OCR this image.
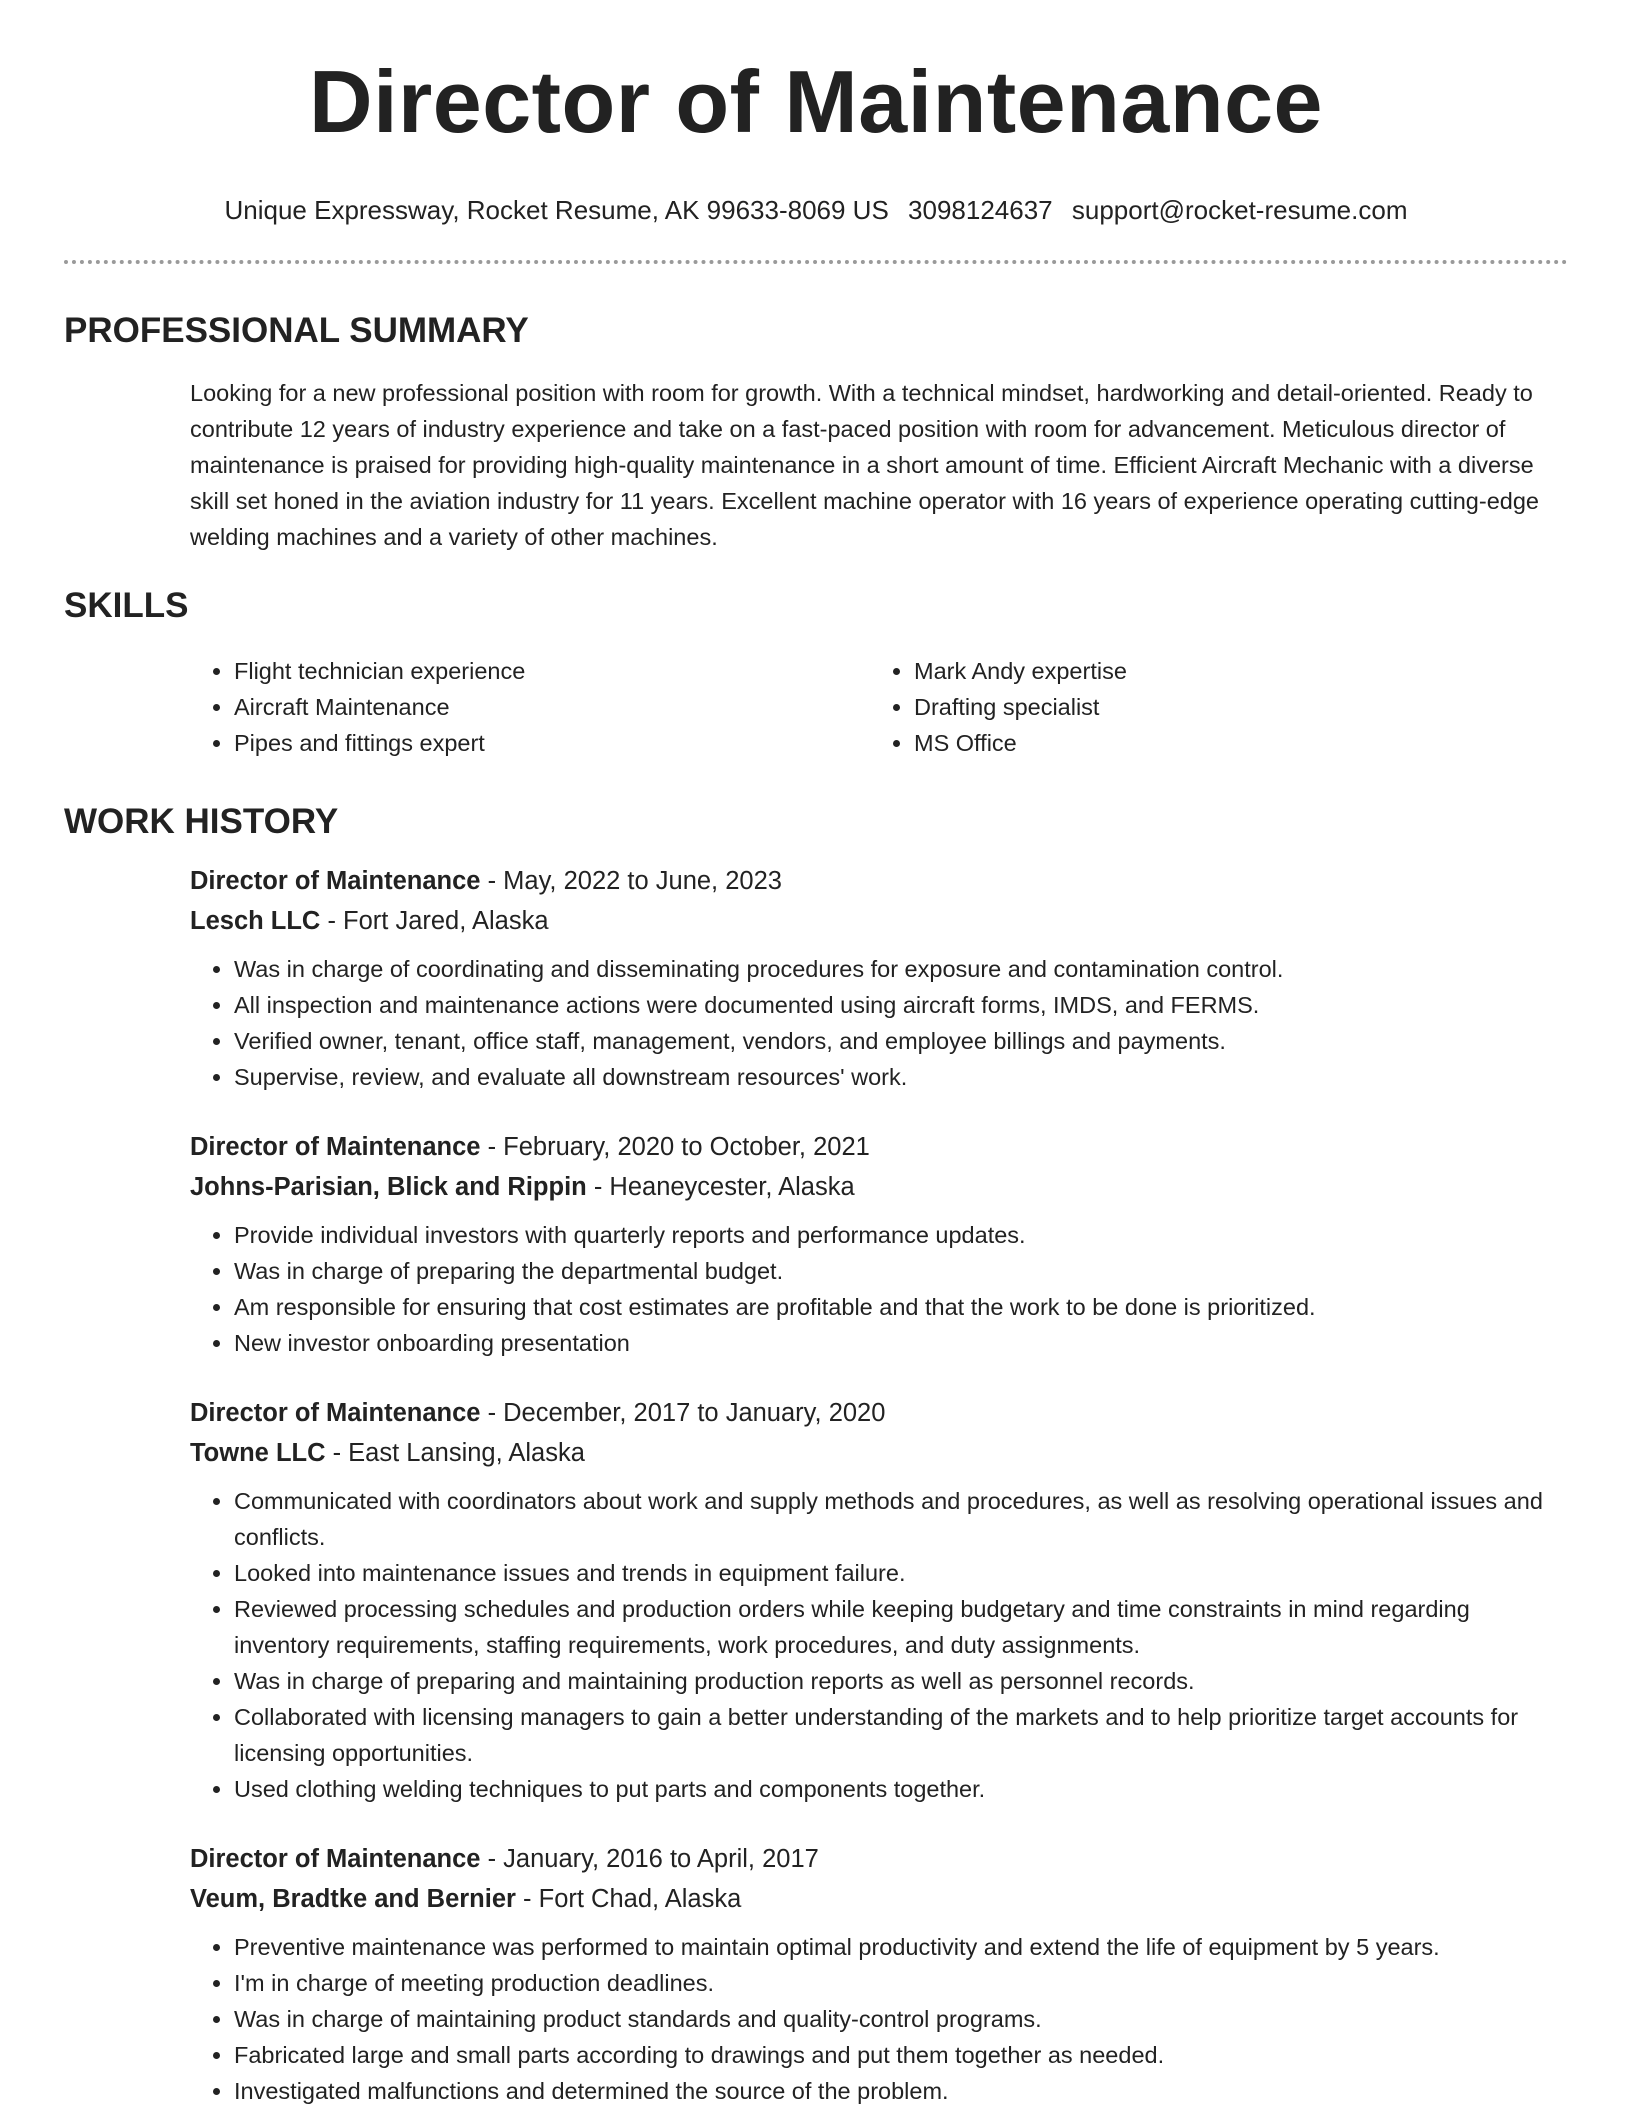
Director of Maintenance
Unique Expressway, Rocket Resume, AK 99633-8069 US 3098124637 support@rocket-resume.com
PROFESSIONAL SUMMARY

Looking for a new professional position with room for growth. With a technical mindset, hardworking and detail-oriented. Ready to contribute 12 years of industry experience and take on a fast-paced position with room for advancement. Meticulous director of maintenance is praised for providing high-quality maintenance in a short amount of time. Efficient Aircraft Mechanic with a diverse skill set honed in the aviation industry for 11 years. Excellent machine operator with 16 years of experience operating cutting-edge welding machines and a variety of other machines.

SKILLS
• Flight technician experience
• Aircraft Maintenance
• Pipes and fittings expert
• Mark Andy expertise
• Drafting specialist
• MS Office
WORK HISTORY
Director of Maintenance - May, 2022 to June, 2023
Lesch LLC - Fort Jared, Alaska
• Was in charge of coordinating and disseminating procedures for exposure and contamination control.
• All inspection and maintenance actions were documented using aircraft forms, IMDS, and FERMS.
• Verified owner, tenant, office staff, management, vendors, and employee billings and payments.
• Supervise, review, and evaluate all downstream resources' work.
Director of Maintenance - February, 2020 to October, 2021
Johns-Parisian, Blick and Rippin - Heaneycester, Alaska
• Provide individual investors with quarterly reports and performance updates.
• Was in charge of preparing the departmental budget.
• Am responsible for ensuring that cost estimates are profitable and that the work to be done is prioritized.
• New investor onboarding presentation
Director of Maintenance - December, 2017 to January, 2020
Towne LLC - East Lansing, Alaska
• Communicated with coordinators about work and supply methods and procedures, as well as resolving operational issues and conflicts.
• Looked into maintenance issues and trends in equipment failure.
• Reviewed processing schedules and production orders while keeping budgetary and time constraints in mind regarding inventory requirements, staffing requirements, work procedures, and duty assignments.
• Was in charge of preparing and maintaining production reports as well as personnel records.
• Collaborated with licensing managers to gain a better understanding of the markets and to help prioritize target accounts for licensing opportunities.
• Used clothing welding techniques to put parts and components together.
Director of Maintenance - January, 2016 to April, 2017
Veum, Bradtke and Bernier - Fort Chad, Alaska
• Preventive maintenance was performed to maintain optimal productivity and extend the life of equipment by 5 years.
• I'm in charge of meeting production deadlines.
• Was in charge of maintaining product standards and quality-control programs.
• Fabricated large and small parts according to drawings and put them together as needed.
• Investigated malfunctions and determined the source of the problem.
